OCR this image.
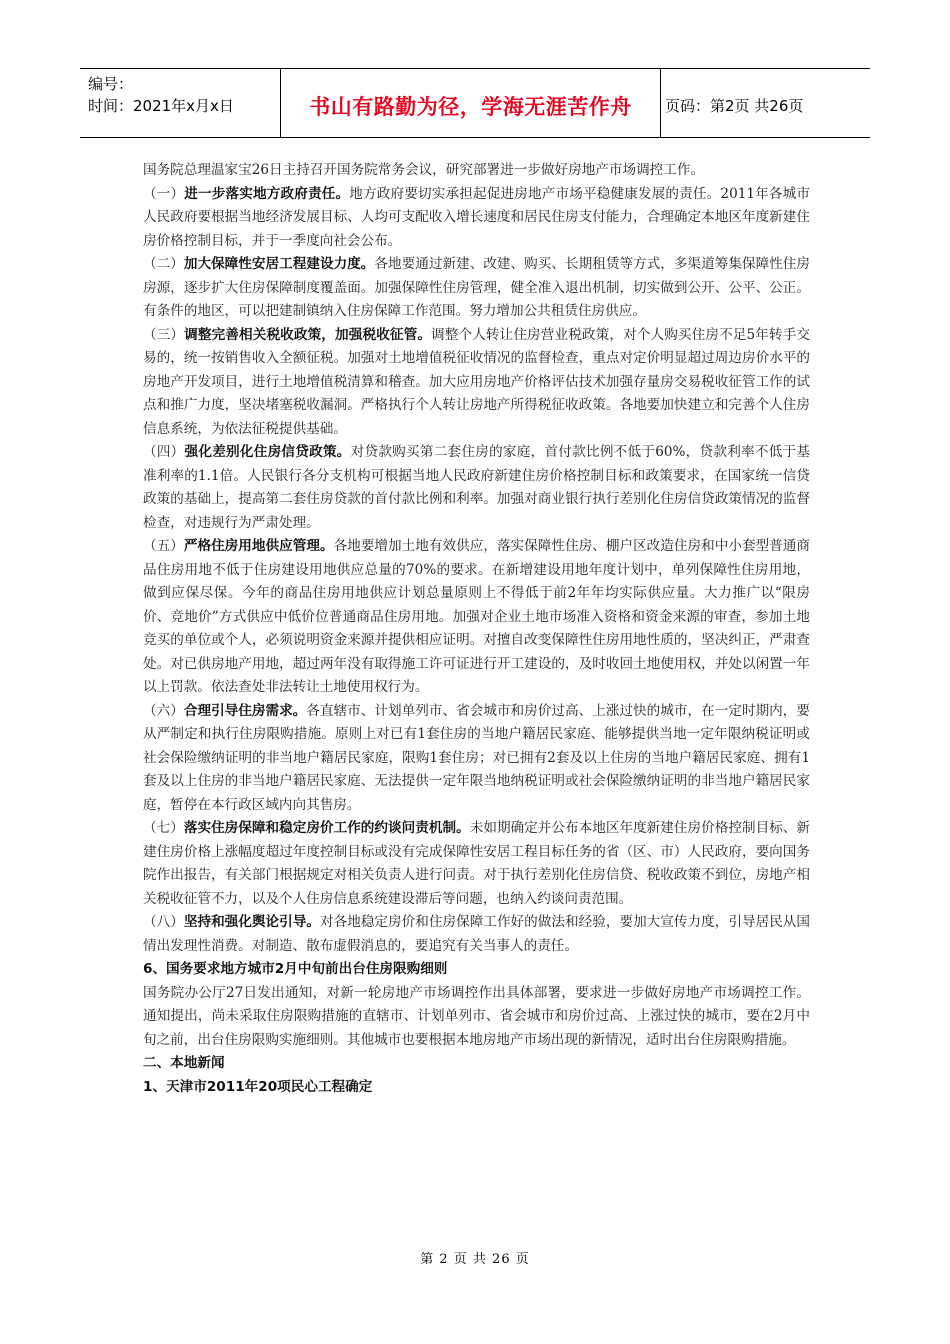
编号：
时间：2021年x月x日	书山有路勤为径，学海无涯苦作舟	页码：第2页 共26页

国务院总理温家宝26日主持召开国务院常务会议，研究部署进一步做好房地产市场调控工作。

（一）进一步落实地方政府责任。地方政府要切实承担起促进房地产市场平稳健康发展的责任。2011年各城市人民政府要根据当地经济发展目标、人均可支配收入增长速度和居民住房支付能力，合理确定本地区年度新建住房价格控制目标，并于一季度向社会公布。

（二）加大保障性安居工程建设力度。各地要通过新建、改建、购买、长期租赁等方式，多渠道筹集保障性住房房源，逐步扩大住房保障制度覆盖面。加强保障性住房管理，健全准入退出机制，切实做到公开、公平、公正。有条件的地区，可以把建制镇纳入住房保障工作范围。努力增加公共租赁住房供应。

（三）调整完善相关税收政策，加强税收征管。调整个人转让住房营业税政策，对个人购买住房不足5年转手交易的，统一按销售收入全额征税。加强对土地增值税征收情况的监督检查，重点对定价明显超过周边房价水平的房地产开发项目，进行土地增值税清算和稽查。加大应用房地产价格评估技术加强存量房交易税收征管工作的试点和推广力度，坚决堵塞税收漏洞。严格执行个人转让房地产所得税征收政策。各地要加快建立和完善个人住房信息系统，为依法征税提供基础。

（四）强化差别化住房信贷政策。对贷款购买第二套住房的家庭，首付款比例不低于60%，贷款利率不低于基准利率的1.1倍。人民银行各分支机构可根据当地人民政府新建住房价格控制目标和政策要求，在国家统一信贷政策的基础上，提高第二套住房贷款的首付款比例和利率。加强对商业银行执行差别化住房信贷政策情况的监督检查，对违规行为严肃处理。

（五）严格住房用地供应管理。各地要增加土地有效供应，落实保障性住房、棚户区改造住房和中小套型普通商品住房用地不低于住房建设用地供应总量的70%的要求。在新增建设用地年度计划中，单列保障性住房用地，做到应保尽保。今年的商品住房用地供应计划总量原则上不得低于前2年年均实际供应量。大力推广以“限房价、竞地价”方式供应中低价位普通商品住房用地。加强对企业土地市场准入资格和资金来源的审查，参加土地竞买的单位或个人，必须说明资金来源并提供相应证明。对擅自改变保障性住房用地性质的，坚决纠正，严肃查处。对已供房地产用地，超过两年没有取得施工许可证进行开工建设的，及时收回土地使用权，并处以闲置一年以上罚款。依法查处非法转让土地使用权行为。

（六）合理引导住房需求。各直辖市、计划单列市、省会城市和房价过高、上涨过快的城市，在一定时期内，要从严制定和执行住房限购措施。原则上对已有1套住房的当地户籍居民家庭、能够提供当地一定年限纳税证明或社会保险缴纳证明的非当地户籍居民家庭，限购1套住房；对已拥有2套及以上住房的当地户籍居民家庭、拥有1套及以上住房的非当地户籍居民家庭、无法提供一定年限当地纳税证明或社会保险缴纳证明的非当地户籍居民家庭，暂停在本行政区域内向其售房。

（七）落实住房保障和稳定房价工作的约谈问责机制。未如期确定并公布本地区年度新建住房价格控制目标、新建住房价格上涨幅度超过年度控制目标或没有完成保障性安居工程目标任务的省（区、市）人民政府，要向国务院作出报告，有关部门根据规定对相关负责人进行问责。对于执行差别化住房信贷、税收政策不到位，房地产相关税收征管不力，以及个人住房信息系统建设滞后等问题，也纳入约谈问责范围。

（八）坚持和强化舆论引导。对各地稳定房价和住房保障工作好的做法和经验，要加大宣传力度，引导居民从国情出发理性消费。对制造、散布虚假消息的，要追究有关当事人的责任。

6、国务要求地方城市2月中旬前出台住房限购细则

国务院办公厅27日发出通知，对新一轮房地产市场调控作出具体部署，要求进一步做好房地产市场调控工作。通知提出，尚未采取住房限购措施的直辖市、计划单列市、省会城市和房价过高、上涨过快的城市，要在2月中旬之前，出台住房限购实施细则。其他城市也要根据本地房地产市场出现的新情况，适时出台住房限购措施。

二、本地新闻

1、天津市2011年20项民心工程确定

第 2 页 共 26 页
